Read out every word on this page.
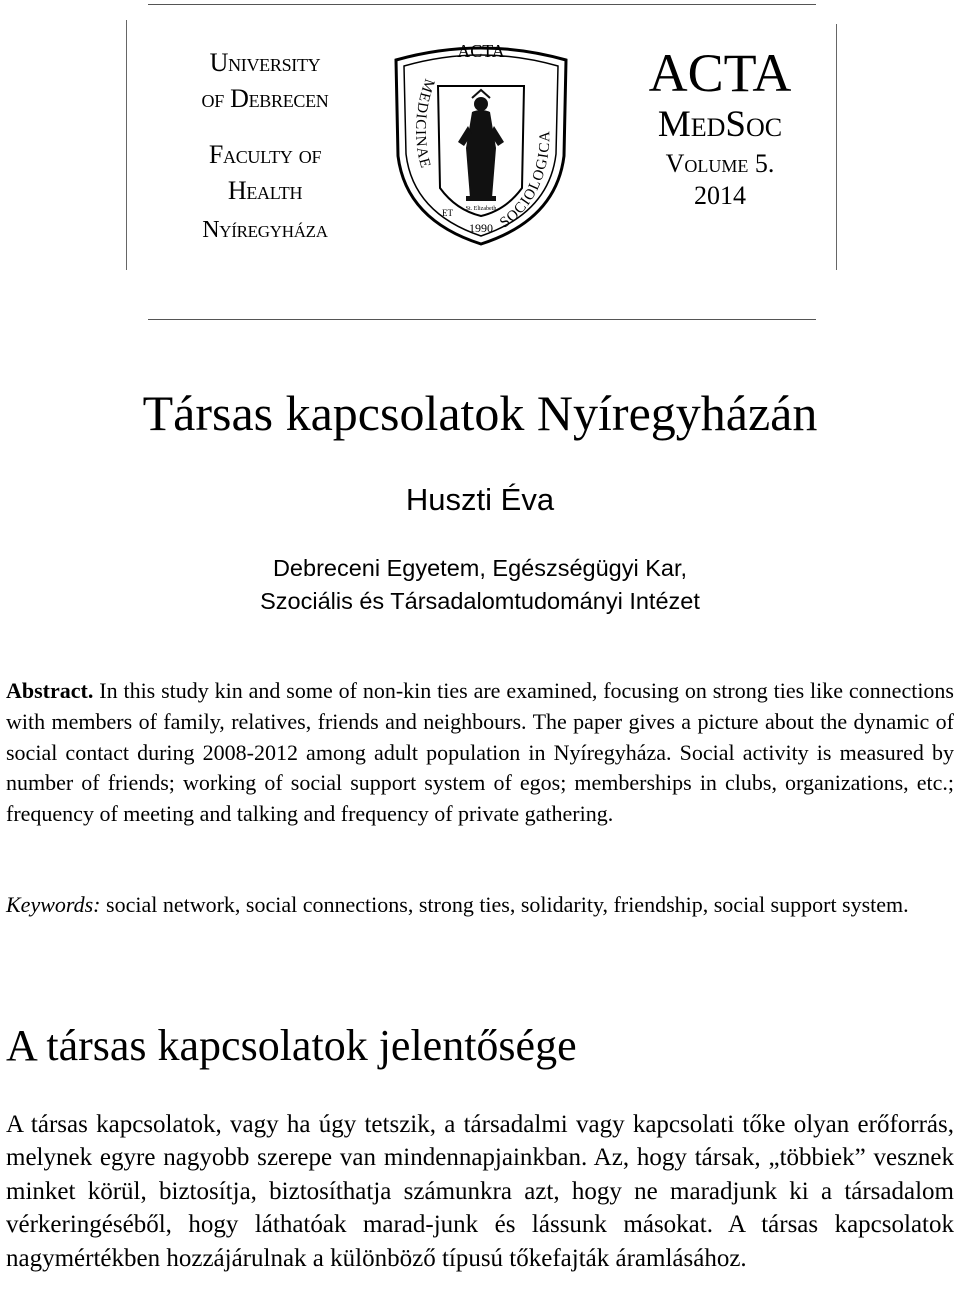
University
of Debrecen
Faculty of
Health
Nyíregyháza
ACTA
MEDICINAE
SOCIOLOGICA
ET St. Elizabeth
1990
ACTA
MedSoc
Volume 5.
2014
Társas kapcsolatok Nyíregyházán
Huszti Éva
Debreceni Egyetem, Egészségügyi Kar,
Szociális és Társadalomtudományi Intézet
Abstract. In this study kin and some of non-kin ties are examined, focusing on strong ties like connections with members of family, relatives, friends and neighbours. The paper gives a picture about the dynamic of social contact during 2008-2012 among adult population in Nyíregyháza. Social activity is measured by number of friends; working of social support system of egos; memberships in clubs, organizations, etc.; frequency of meeting and talking and frequency of private gathering.
Keywords: social network, social connections, strong ties, solidarity, friendship, social support system.
A társas kapcsolatok jelentősége
A társas kapcsolatok, vagy ha úgy tetszik, a társadalmi vagy kapcsolati tőke olyan erőforrás, melynek egyre nagyobb szerepe van mindennapjainkban. Az, hogy társak, „többiek” vesznek minket körül, biztosítja, biztosíthatja számunkra azt, hogy ne maradjunk ki a társadalom vérkeringéséből, hogy láthatóak marad-junk és lássunk másokat. A társas kapcsolatok nagymértékben hozzájárulnak a különböző típusú tőkefajták áramlásához.
